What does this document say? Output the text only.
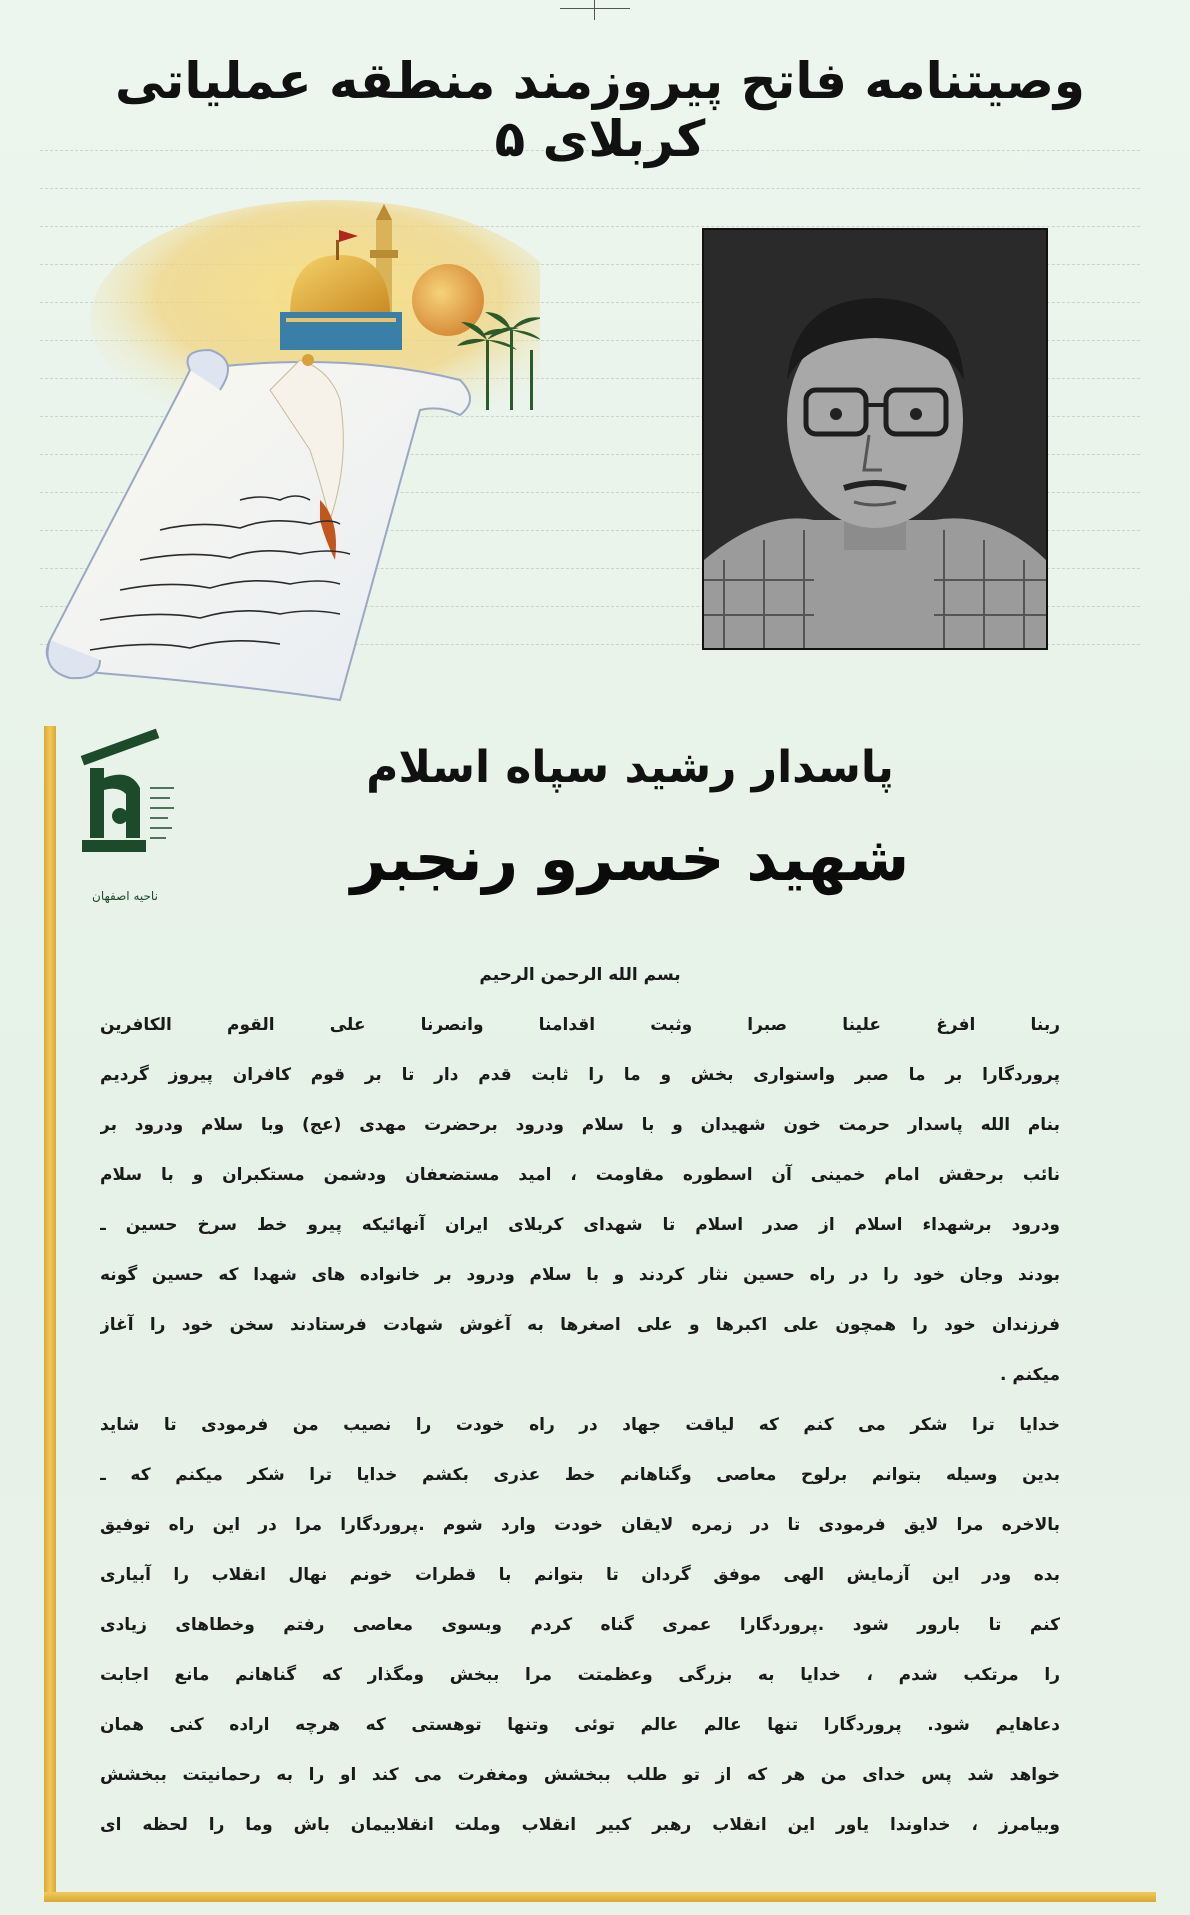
وصیتنامه فاتح پیروزمند منطقه عملیاتی کربلای ۵
ناحیه اصفهان
پاسدار رشید سپاه اسلام
شهید خسرو رنجبر
بسم الله الرحمن الرحیم
ربنا افرغ علینا صبرا وثبت اقدامنا وانصرنا علی القوم الکافرین
پروردگارا بر ما صبر واستواری بخش و ما را ثابت قدم دار تا بر قوم کافران پیروز گردیم
بنام الله پاسدار حرمت خون شهیدان و با سلام ودرود برحضرت مهدی (عج) وبا سلام ودرود بر
نائب برحقش امام خمینی آن اسطوره مقاومت ، امید مستضعفان ودشمن مستکبران و با سلام
ودرود برشهداء اسلام از صدر اسلام تا شهدای کربلای ایران آنهائیکه پیرو خط سرخ حسین ـ
بودند وجان خود را در راه حسین نثار کردند و با سلام ودرود بر خانواده های شهدا که حسین گونه
فرزندان خود را همچون علی اکبرها و علی اصغرها به آغوش شهادت فرستادند سخن خود را آغاز
میکنم .
خدایا ترا شکر می کنم که لیاقت جهاد در راه خودت را نصیب من فرمودی تا شاید
بدین وسیله بتوانم برلوح معاصی وگناهانم خط عذری بکشم خدایا ترا شکر میکنم که ـ
بالاخره مرا لایق فرمودی تا در زمره لایقان خودت وارد شوم .پروردگارا مرا در این راه توفیق
بده ودر این آزمایش الهی موفق گردان تا بتوانم با قطرات خونم نهال انقلاب را آبیاری
کنم تا بارور شود .پروردگارا عمری گناه کردم وبسوی معاصی رفتم وخطاهای زیادی
را مرتکب شدم ، خدایا به بزرگی وعظمتت مرا ببخش ومگذار که گناهانم مانع اجابت
دعاهایم شود. پروردگارا تنها عالم عالم توئی وتنها توهستی که هرچه اراده کنی همان
خواهد شد پس خدای من هر که از تو طلب ببخشش ومغفرت می کند او را به رحمانیتت ببخشش
وبیامرز ، خداوندا یاور این انقلاب رهبر کبیر انقلاب وملت انقلابیمان باش وما را لحظه ای
